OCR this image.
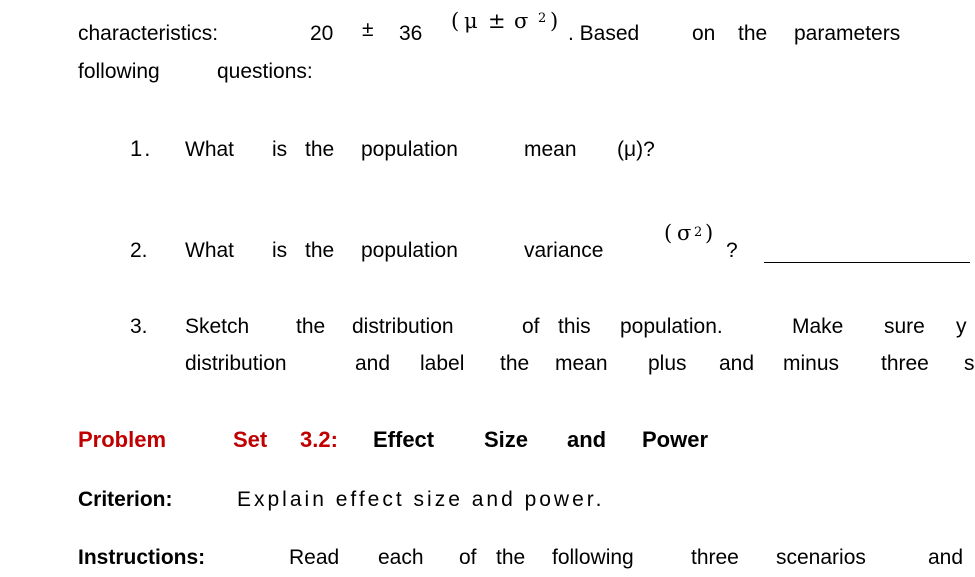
characteristics:	20 ± 36
( μ ± σ 2 )
. Based	on the parameters
following	questions:
1. What is the population	mean (μ)?
2. What is the population	variance
( σ 2 )
?
3. Sketch the distribution	of this population.	Make sure y
distribution	and label the mean plus and minus three s
Problem	Set 3.2: Effect Size and Power
Criterion:	Explain effect size and power.
Instructions:	Read each of the following	three scenarios	and
